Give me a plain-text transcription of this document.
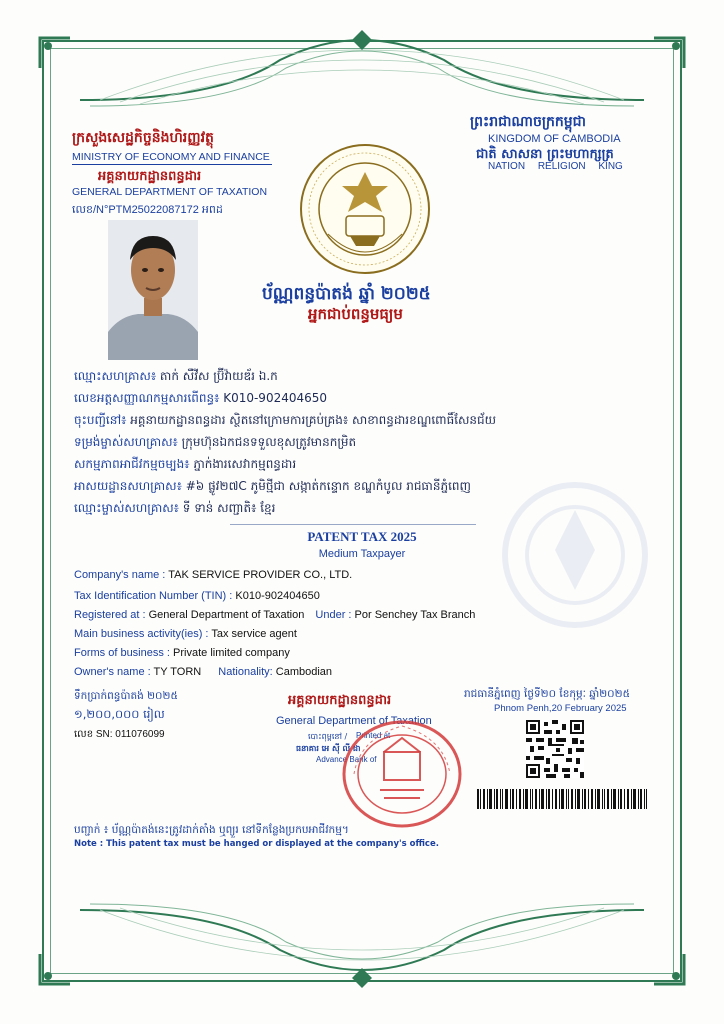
ក្រសួងសេដ្ឋកិច្ចនិងហិរញ្ញវត្ថុ
MINISTRY OF ECONOMY AND FINANCE
អគ្គនាយកដ្ឋានពន្ធដារ
GENERAL DEPARTMENT OF TAXATION
លេខ/N°PTM25022087172 អពដ
ព្រះរាជាណាចក្រកម្ពុជា
KINGDOM OF CAMBODIA
ជាតិ សាសនា ព្រះមហាក្សត្រ
NATION RELIGION KING
ប័ណ្ណពន្ធប៉ាតង់ ឆ្នាំ ២០២៥
អ្នកជាប់ពន្ធមធ្យម
ឈ្មោះសហគ្រាស៖ តាក់ សឺវីស ប្រ៊ីវ៉ាយឌ័រ ឯ.ក
លេខអត្តសញ្ញាណកម្មសារពើពន្ធ៖ K010-902404650
ចុះបញ្ជីនៅ៖ អគ្គនាយកដ្ឋានពន្ធដារ ស្ថិតនៅក្រោមការគ្រប់គ្រង៖ សាខាពន្ធដារខណ្ឌពោធិ៍សែនជ័យ
ទម្រង់ម្ចាស់សហគ្រាស៖ ក្រុមហ៊ុនឯកជនទទួលខុសត្រូវមានកម្រិត
សកម្មភាពអាជីវកម្មចម្បង៖ ភ្នាក់ងារសេវាកម្មពន្ធដារ
អាសយដ្ឋានសហគ្រាស៖ #៦ ផ្លូវ២៧C ភូមិថ្មីជា សង្កាត់កន្ទោក ខណ្ឌកំបូល រាជធានីភ្នំពេញ
ឈ្មោះម្ចាស់សហគ្រាស៖ ទី ទាន់ សញ្ជាតិ៖ ខ្មែរ
PATENT TAX 2025
Medium Taxpayer
Company's name : TAK SERVICE PROVIDER CO., LTD.
Tax Identification Number (TIN) : K010-902404650
Registered at : General Department of Taxation Under : Por Senchey Tax Branch
Main business activity(ies) : Tax service agent
Forms of business : Private limited company
Owner's name : TY TORN Nationality: Cambodian
ទឹកប្រាក់ពន្ធប៉ាតង់ ២០២៥
១,២០០,០០០ រៀល
លេខ SN: 011076099
អគ្គនាយកដ្ឋានពន្ធដារ
General Department of Taxation
បោះពុម្ពនៅ / Printed at
ធនាគារ អេ ស៊ី លី ដា
Advance Bank of
រាជធានីភ្នំពេញ ថ្ងៃទី២០ ខែកុម្ភៈ ឆ្នាំ២០២៥
Phnom Penh,20 February 2025
បញ្ជាក់ ៖ ប័ណ្ណប៉ាតង់នេះត្រូវដាក់តាំង ឬព្យួរ នៅទីកន្លែងប្រកបអាជីវកម្ម។
Note : This patent tax must be hanged or displayed at the company's office.
